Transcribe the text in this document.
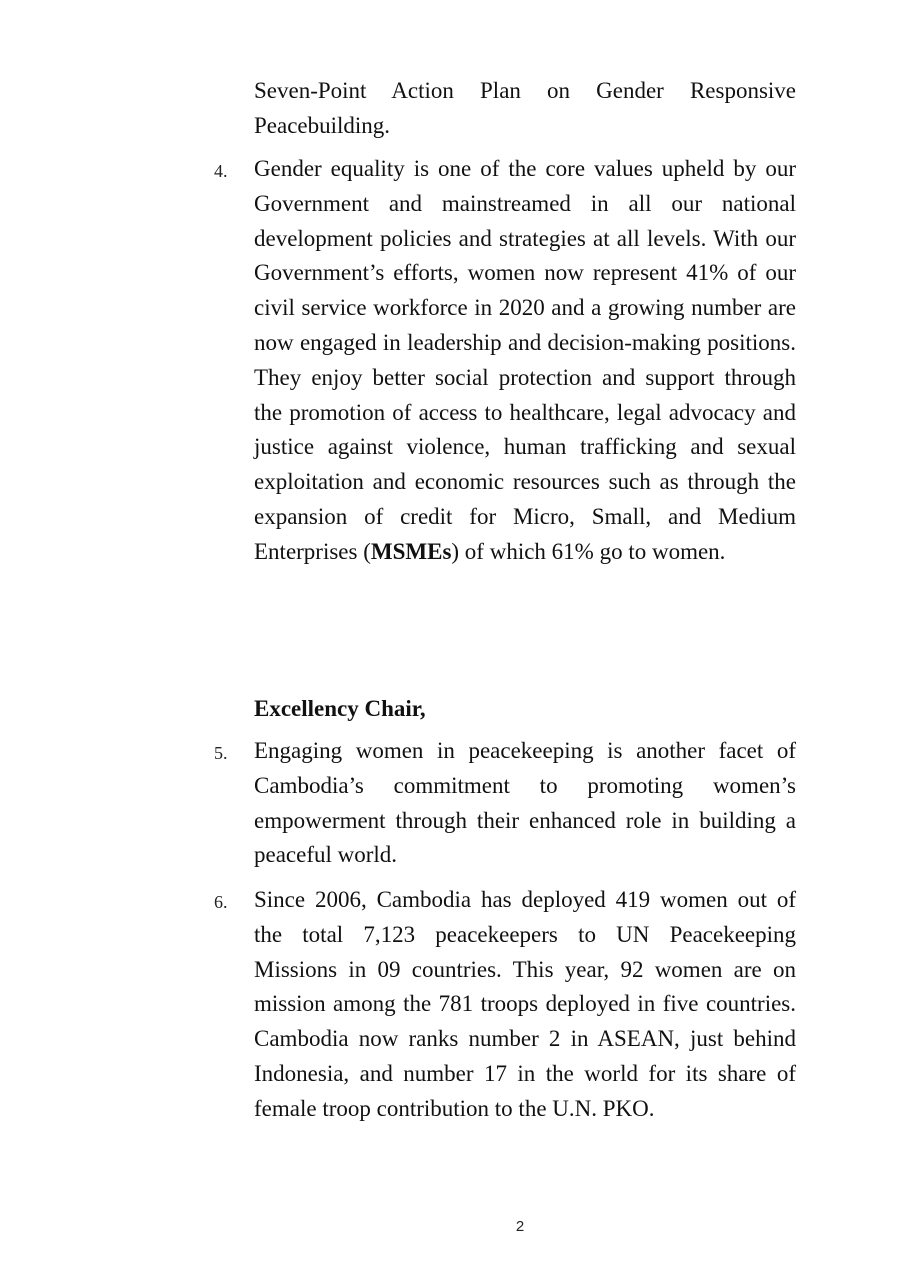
Seven-Point Action Plan on Gender Responsive Peacebuilding.
4. Gender equality is one of the core values upheld by our Government and mainstreamed in all our national development policies and strategies at all levels. With our Government’s efforts, women now represent 41% of our civil service workforce in 2020 and a growing number are now engaged in leadership and decision-making positions. They enjoy better social protection and support through the promotion of access to healthcare, legal advocacy and justice against violence, human trafficking and sexual exploitation and economic resources such as through the expansion of credit for Micro, Small, and Medium Enterprises (MSMEs) of which 61% go to women.
Excellency Chair,
5. Engaging women in peacekeeping is another facet of Cambodia’s commitment to promoting women’s empowerment through their enhanced role in building a peaceful world.
6. Since 2006, Cambodia has deployed 419 women out of the total 7,123 peacekeepers to UN Peacekeeping Missions in 09 countries. This year, 92 women are on mission among the 781 troops deployed in five countries. Cambodia now ranks number 2 in ASEAN, just behind Indonesia, and number 17 in the world for its share of female troop contribution to the U.N. PKO.
2
